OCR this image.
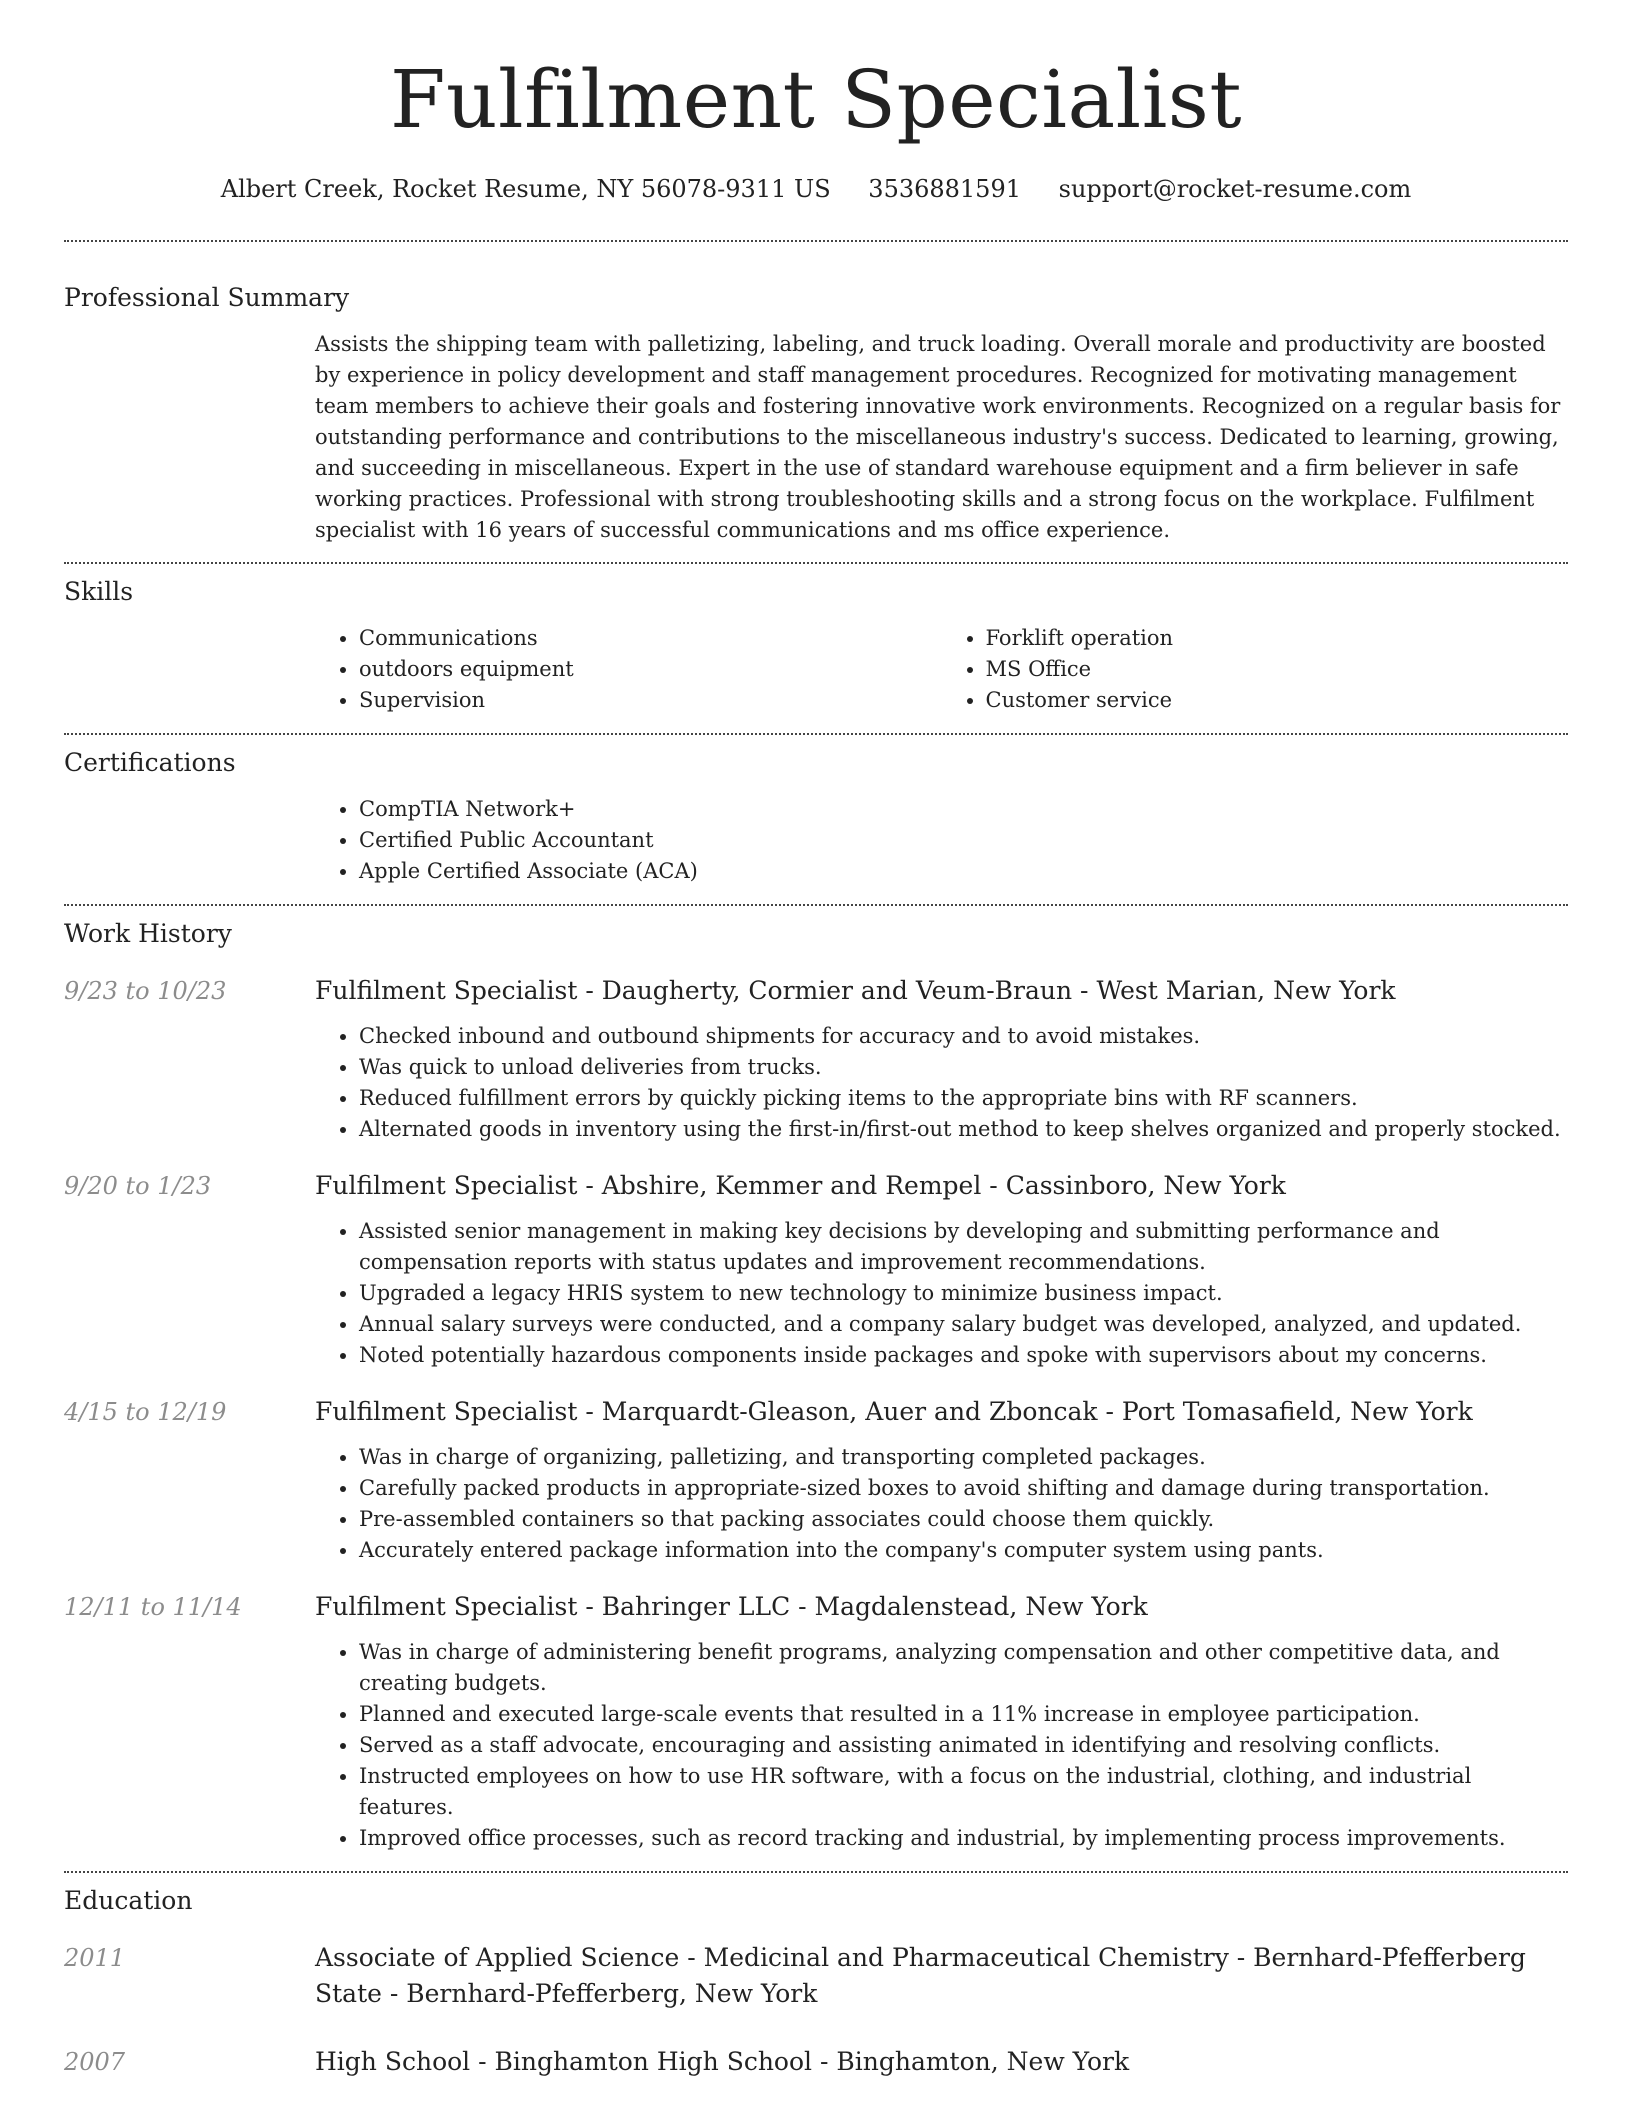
Fulfilment Specialist
Albert Creek, Rocket Resume, NY 56078-9311 US 3536881591 support@rocket-resume.com
Professional Summary

Assists the shipping team with palletizing, labeling, and truck loading. Overall morale and productivity are boosted by experience in policy development and staff management procedures. Recognized for motivating management team members to achieve their goals and fostering innovative work environments. Recognized on a regular basis for outstanding performance and contributions to the miscellaneous industry's success. Dedicated to learning, growing, and succeeding in miscellaneous. Expert in the use of standard warehouse equipment and a firm believer in safe working practices. Professional with strong troubleshooting skills and a strong focus on the workplace. Fulfilment specialist with 16 years of successful communications and ms office experience.

Skills
• Communications
• outdoors equipment
• Supervision
• Forklift operation
• MS Office
• Customer service
Certifications
• CompTIA Network+
• Certified Public Accountant
• Apple Certified Associate (ACA)
Work History
9/23 to 10/23	Fulfilment Specialist - Daugherty, Cormier and Veum-Braun - West Marian, New York
• Checked inbound and outbound shipments for accuracy and to avoid mistakes.
• Was quick to unload deliveries from trucks.
• Reduced fulfillment errors by quickly picking items to the appropriate bins with RF scanners.
• Alternated goods in inventory using the first-in/first-out method to keep shelves organized and properly stocked.
9/20 to 1/23	Fulfilment Specialist - Abshire, Kemmer and Rempel - Cassinboro, New York
• Assisted senior management in making key decisions by developing and submitting performance and compensation reports with status updates and improvement recommendations.
• Upgraded a legacy HRIS system to new technology to minimize business impact.
• Annual salary surveys were conducted, and a company salary budget was developed, analyzed, and updated.
• Noted potentially hazardous components inside packages and spoke with supervisors about my concerns.
4/15 to 12/19	Fulfilment Specialist - Marquardt-Gleason, Auer and Zboncak - Port Tomasafield, New York
• Was in charge of organizing, palletizing, and transporting completed packages.
• Carefully packed products in appropriate-sized boxes to avoid shifting and damage during transportation.
• Pre-assembled containers so that packing associates could choose them quickly.
• Accurately entered package information into the company's computer system using pants.
12/11 to 11/14	Fulfilment Specialist - Bahringer LLC - Magdalenstead, New York
• Was in charge of administering benefit programs, analyzing compensation and other competitive data, and creating budgets.
• Planned and executed large-scale events that resulted in a 11% increase in employee participation.
• Served as a staff advocate, encouraging and assisting animated in identifying and resolving conflicts.
• Instructed employees on how to use HR software, with a focus on the industrial, clothing, and industrial features.
• Improved office processes, such as record tracking and industrial, by implementing process improvements.
Education
2011	Associate of Applied Science - Medicinal and Pharmaceutical Chemistry - Bernhard-Pfefferberg State - Bernhard-Pfefferberg, New York
2007	High School - Binghamton High School - Binghamton, New York
